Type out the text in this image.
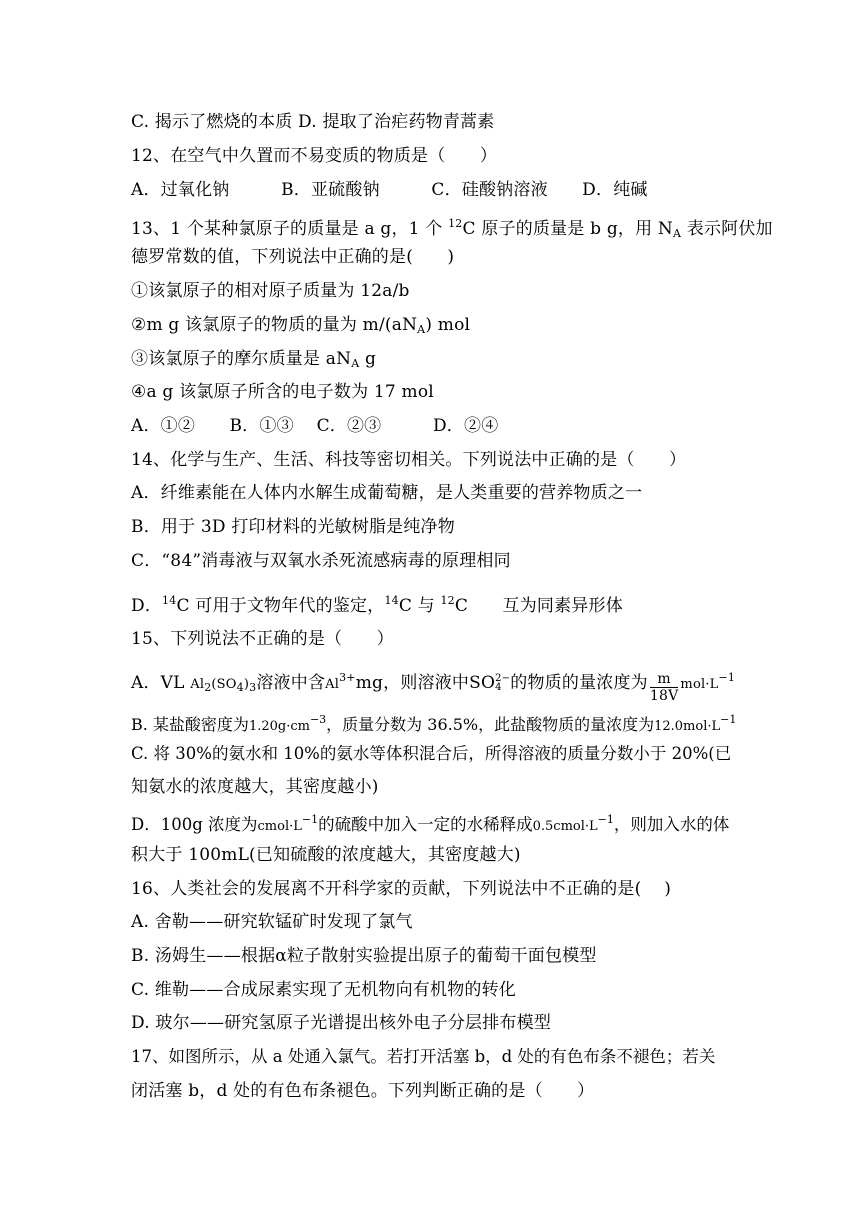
C. 揭示了燃烧的本质 D. 提取了治疟药物青蒿素
12、在空气中久置而不易变质的物质是（　　）
A．过氧化钠　　　B．亚硫酸钠　　　C．硅酸钠溶液　　D．纯碱
13、1 个某种氯原子的质量是 a g，1 个 $^{12}$C 原子的质量是 b g，用 $N_A$ 表示阿伏加
德罗常数的值，下列说法中正确的是(　　)
①该氯原子的相对原子质量为 12a/b
②m g 该氯原子的物质的量为 $m/(aN_A)$ mol
③该氯原子的摩尔质量是 $aN_A$ g
④a g 该氯原子所含的电子数为 17 mol
A．①②　　B．①③　 C．②③　　　D．②④
14、化学与生产、生活、科技等密切相关。下列说法中正确的是（　　）
A．纤维素能在人体内水解生成葡萄糖，是人类重要的营养物质之一
B．用于 3D 打印材料的光敏树脂是纯净物
C．“84”消毒液与双氧水杀死流感病毒的原理相同
D．$^{14}$C 可用于文物年代的鉴定，$^{14}$C 与 $^{12}$C　　互为同素异形体
15、下列说法不正确的是（　　）
A．VL $Al_2(SO_4)_3$溶液中含$Al^{3+}mg$，则溶液中SO 2−
4 的物质的量浓度为 $\frac{m}{18V} mol\cdot L^{-1}$
B. 某盐酸密度为$1.20g\cdot cm^{-3}$，质量分数为 36.5%，此盐酸物质的量浓度为$12.0mol\cdot L^{-1}$
C. 将 30%的氨水和 10%的氨水等体积混合后，所得溶液的质量分数小于 20%(已
知氨水的浓度越大，其密度越小)
D．100g 浓度为$cmol\cdot L^{-1}$的硫酸中加入一定的水稀释成$0.5cmol\cdot L^{-1}$，则加入水的体
积大于 100mL(已知硫酸的浓度越大，其密度越大)
16、人类社会的发展离不开科学家的贡献，下列说法中不正确的是(　 )
A. 舍勒——研究软锰矿时发现了氯气
B. 汤姆生——根据α粒子散射实验提出原子的葡萄干面包模型
C. 维勒——合成尿素实现了无机物向有机物的转化
D. 玻尔——研究氢原子光谱提出核外电子分层排布模型
17、如图所示，从 a 处通入氯气。若打开活塞 b，d 处的有色布条不褪色；若关
闭活塞 b，d 处的有色布条褪色。下列判断正确的是（　　）
